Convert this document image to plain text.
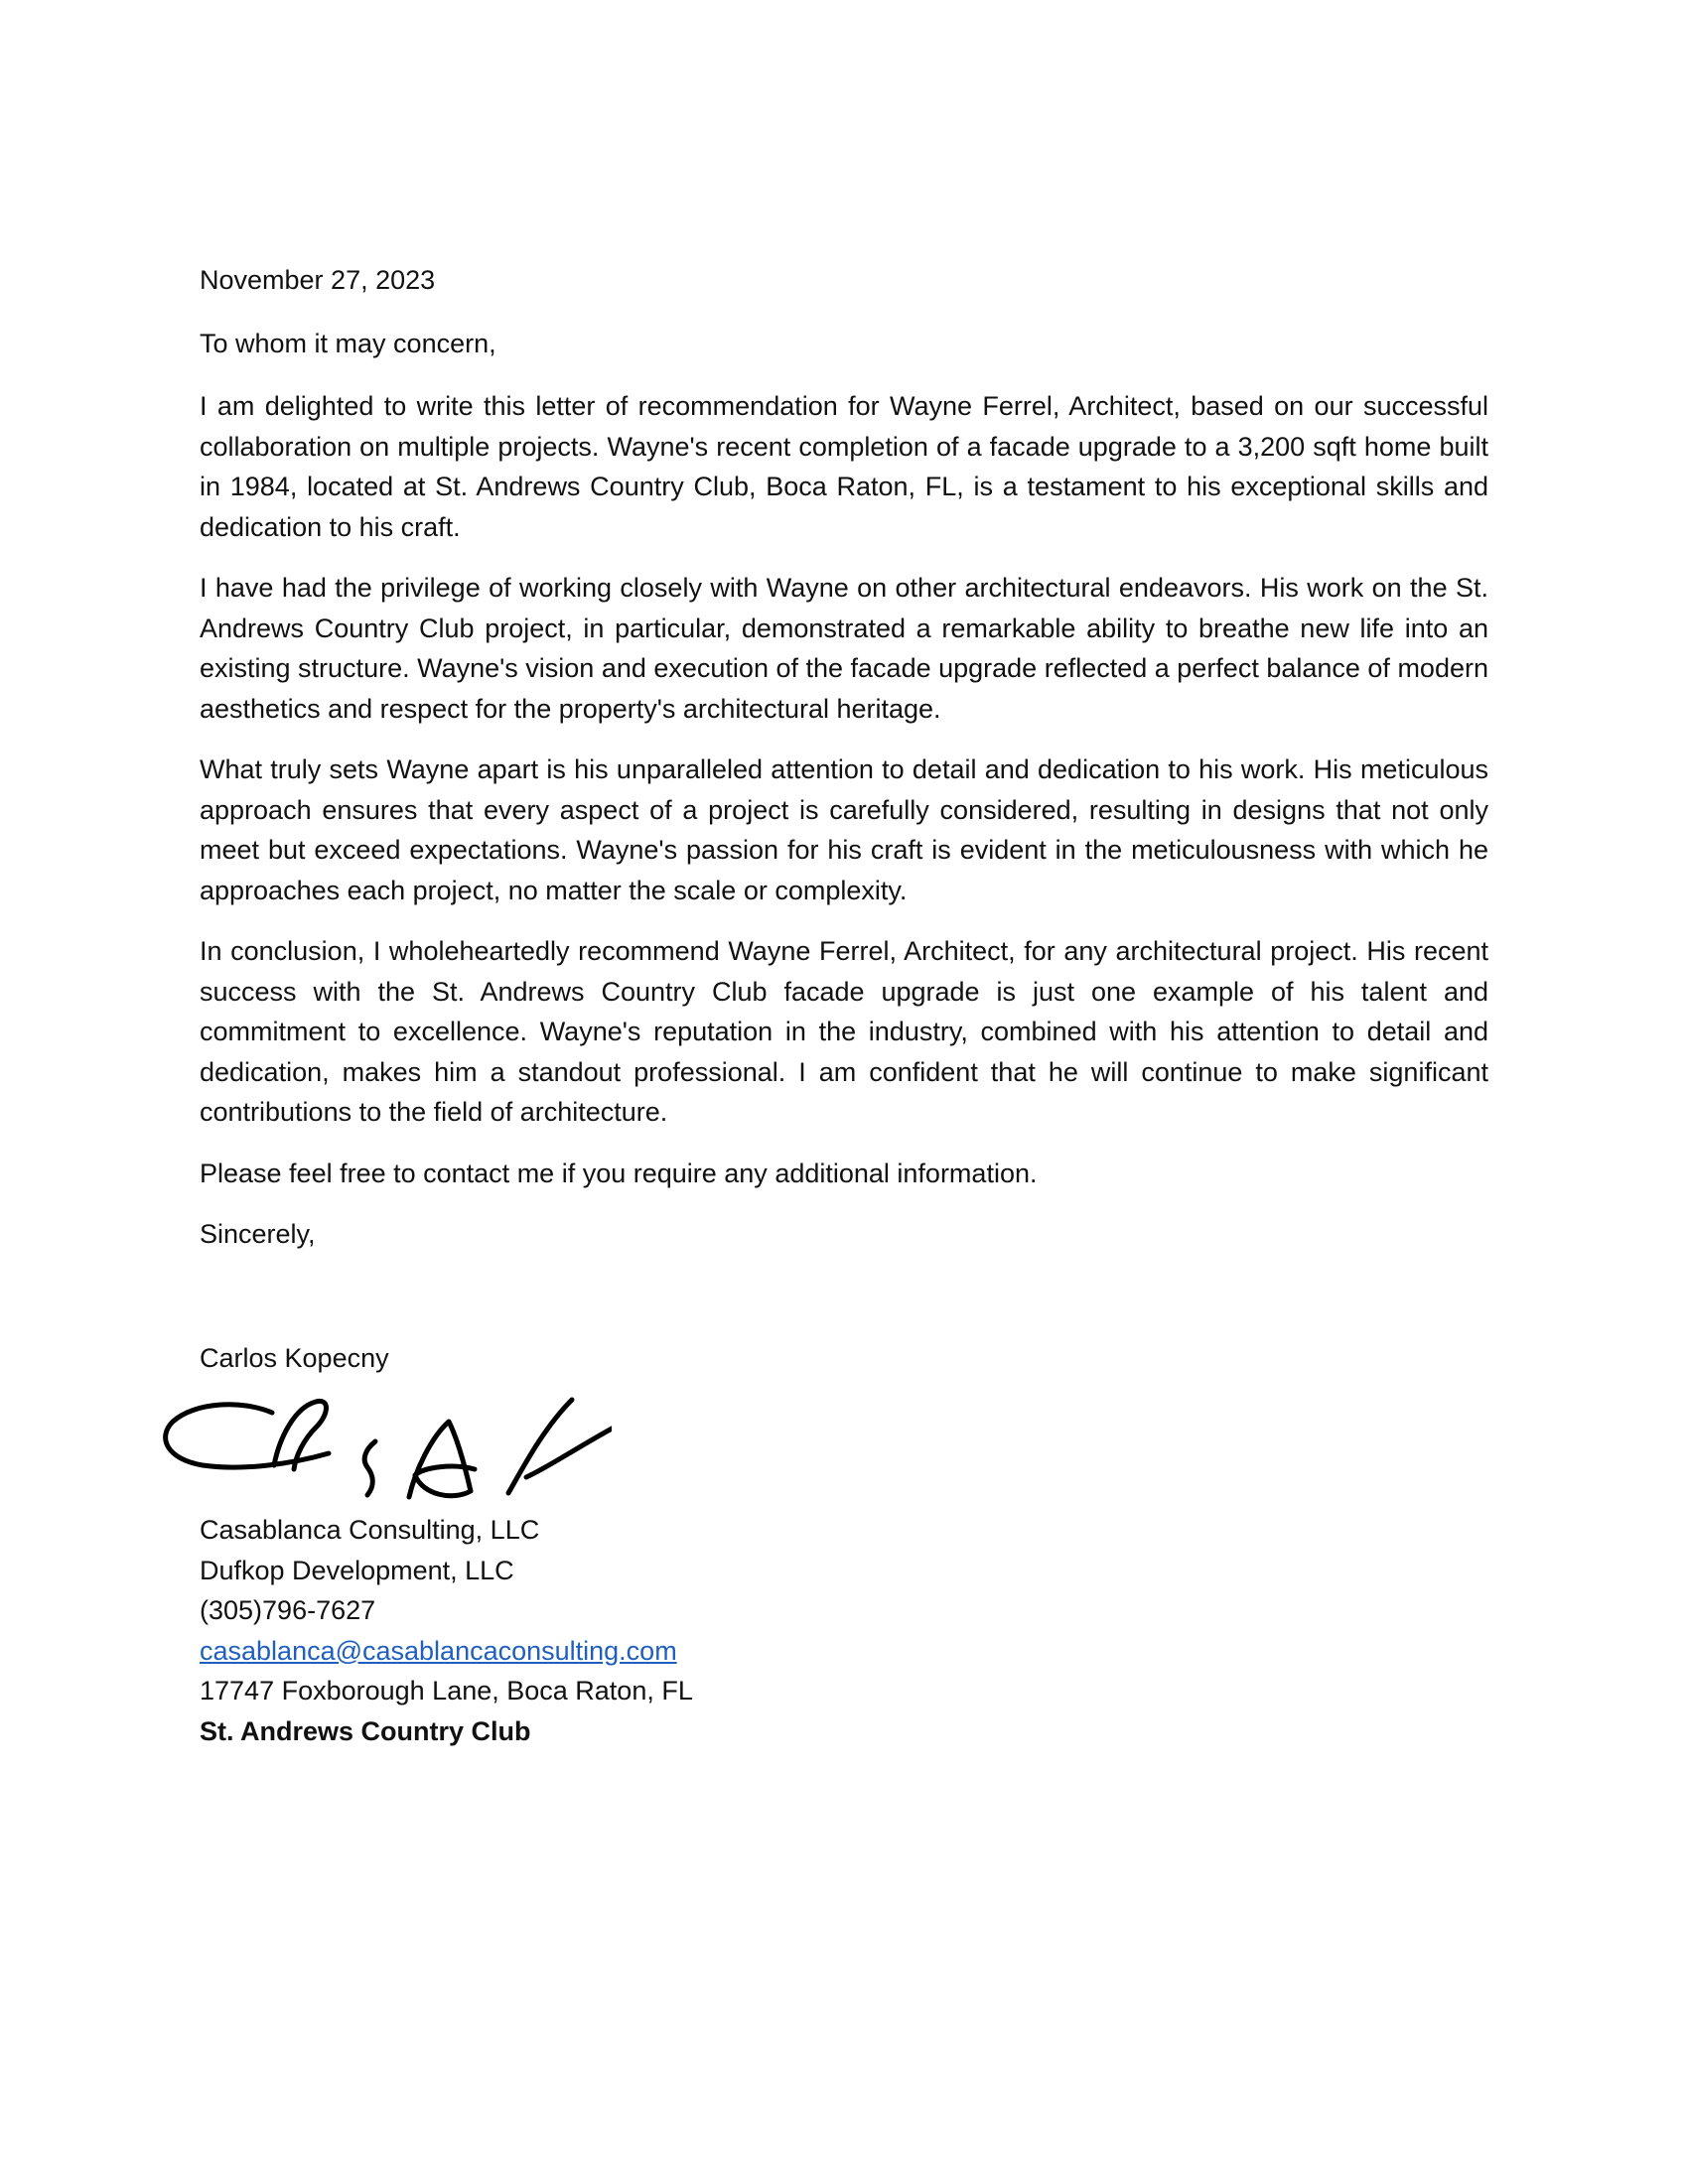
November 27, 2023

To whom it may concern,

I am delighted to write this letter of recommendation for Wayne Ferrel, Architect, based on our successful collaboration on multiple projects. Wayne's recent completion of a facade upgrade to a 3,200 sqft home built in 1984, located at St. Andrews Country Club, Boca Raton, FL, is a testament to his exceptional skills and dedication to his craft.

I have had the privilege of working closely with Wayne on other architectural endeavors. His work on the St. Andrews Country Club project, in particular, demonstrated a remarkable ability to breathe new life into an existing structure. Wayne's vision and execution of the facade upgrade reflected a perfect balance of modern aesthetics and respect for the property's architectural heritage.

What truly sets Wayne apart is his unparalleled attention to detail and dedication to his work. His meticulous approach ensures that every aspect of a project is carefully considered, resulting in designs that not only meet but exceed expectations. Wayne's passion for his craft is evident in the meticulousness with which he approaches each project, no matter the scale or complexity.

In conclusion, I wholeheartedly recommend Wayne Ferrel, Architect, for any architectural project. His recent success with the St. Andrews Country Club facade upgrade is just one example of his talent and commitment to excellence. Wayne's reputation in the industry, combined with his attention to detail and dedication, makes him a standout professional. I am confident that he will continue to make significant contributions to the field of architecture.

Please feel free to contact me if you require any additional information.

Sincerely,

Carlos Kopecny

Casablanca Consulting, LLC
Dufkop Development, LLC
(305)796-7627
casablanca@casablancaconsulting.com
17747 Foxborough Lane, Boca Raton, FL
St. Andrews Country Club
